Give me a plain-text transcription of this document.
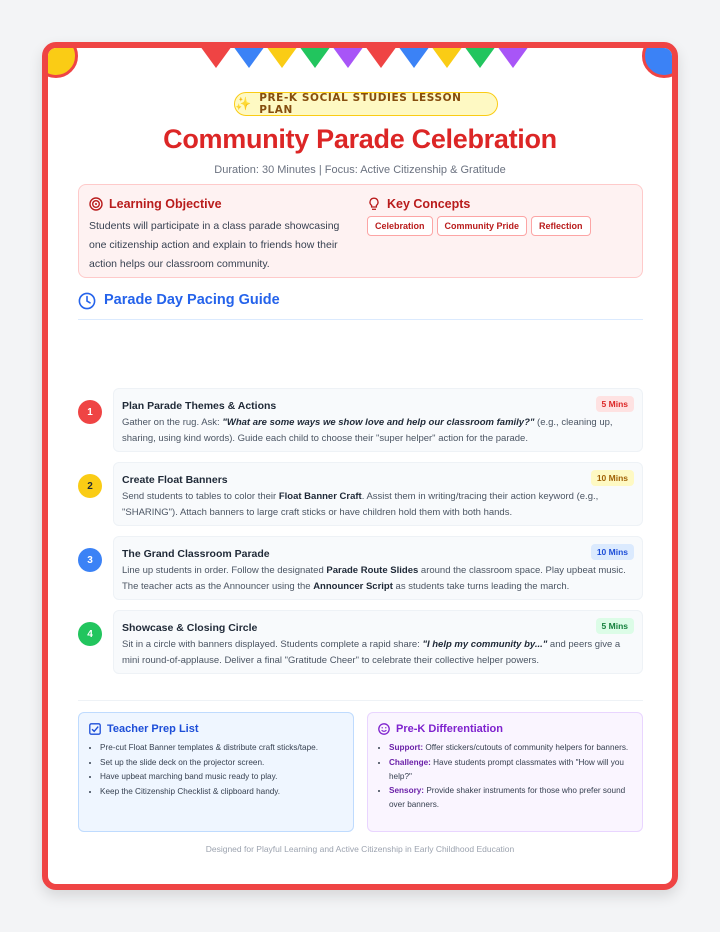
✨ PRE-K SOCIAL STUDIES LESSON PLAN
Community Parade Celebration
Duration: 30 Minutes | Focus: Active Citizenship & Gratitude
Learning Objective
Students will participate in a class parade showcasing one citizenship action and explain to friends how their action helps our classroom community.
Key Concepts
Celebration	Community Pride	Reflection
Parade Day Pacing Guide
1	Plan Parade Themes & Actions	5 Mins
Gather on the rug. Ask: "What are some ways we show love and help our classroom family?" (e.g., cleaning up, sharing, using kind words). Guide each child to choose their "super helper" action for the parade.
2	Create Float Banners	10 Mins
Send students to tables to color their Float Banner Craft. Assist them in writing/tracing their action keyword (e.g., "SHARING"). Attach banners to large craft sticks or have children hold them with both hands.
3	The Grand Classroom Parade	10 Mins
Line up students in order. Follow the designated Parade Route Slides around the classroom space. Play upbeat music. The teacher acts as the Announcer using the Announcer Script as students take turns leading the march.
4	Showcase & Closing Circle	5 Mins
Sit in a circle with banners displayed. Students complete a rapid share: "I help my community by..." and peers give a mini round-of-applause. Deliver a final "Gratitude Cheer" to celebrate their collective helper powers.
Teacher Prep List
• Pre-cut Float Banner templates & distribute craft sticks/tape.
• Set up the slide deck on the projector screen.
• Have upbeat marching band music ready to play.
• Keep the Citizenship Checklist & clipboard handy.
Pre-K Differentiation
• Support: Offer stickers/cutouts of community helpers for banners.
• Challenge: Have students prompt classmates with "How will you help?"
• Sensory: Provide shaker instruments for those who prefer sound over banners.
Designed for Playful Learning and Active Citizenship in Early Childhood Education
